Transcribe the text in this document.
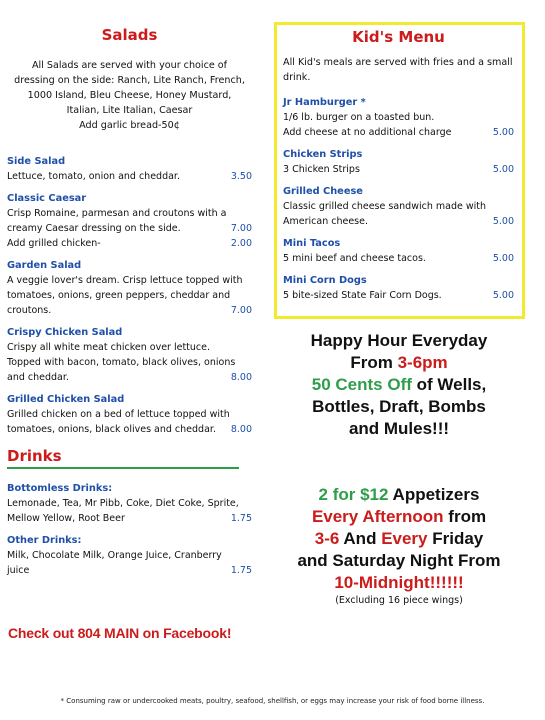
Salads
All Salads are served with your choice of
dressing on the side: Ranch, Lite Ranch, French,
1000 Island, Bleu Cheese, Honey Mustard,
Italian, Lite Italian, Caesar
Add garlic bread-50¢
Side Salad
Lettuce, tomato, onion and cheddar.	3.50
Classic Caesar
Crisp Romaine, parmesan and croutons with a
creamy Caesar dressing on the side.	7.00
Add grilled chicken-	2.00
Garden Salad
A veggie lover's dream. Crisp lettuce topped with
tomatoes, onions, green peppers, cheddar and
croutons.	7.00
Crispy Chicken Salad
Crispy all white meat chicken over lettuce.
Topped with bacon, tomato, black olives, onions
and cheddar.	8.00
Grilled Chicken Salad
Grilled chicken on a bed of lettuce topped with
tomatoes, onions, black olives and cheddar.	8.00
Drinks
Bottomless Drinks:
Lemonade, Tea, Mr Pibb, Coke, Diet Coke, Sprite,
Mellow Yellow, Root Beer	1.75
Other Drinks:
Milk, Chocolate Milk, Orange Juice, Cranberry
juice	1.75
Check out 804 MAIN on Facebook!
Kid's Menu
All Kid's meals are served with fries and a small
drink.
Jr Hamburger *
1/6 lb. burger on a toasted bun.
Add cheese at no additional charge	5.00
Chicken Strips
3 Chicken Strips	5.00
Grilled Cheese
Classic grilled cheese sandwich made with
American cheese.	5.00
Mini Tacos
5 mini beef and cheese tacos.	5.00
Mini Corn Dogs
5 bite-sized State Fair Corn Dogs.	5.00
Happy Hour Everyday
From 3-6pm
50 Cents Off of Wells,
Bottles, Draft, Bombs
and Mules!!!
2 for $12 Appetizers
Every Afternoon from
3-6 And Every Friday
and Saturday Night From
10-Midnight!!!!!!
(Excluding 16 piece wings)
* Consuming raw or undercooked meats, poultry, seafood, shellfish, or eggs may increase your risk of food borne illness.
